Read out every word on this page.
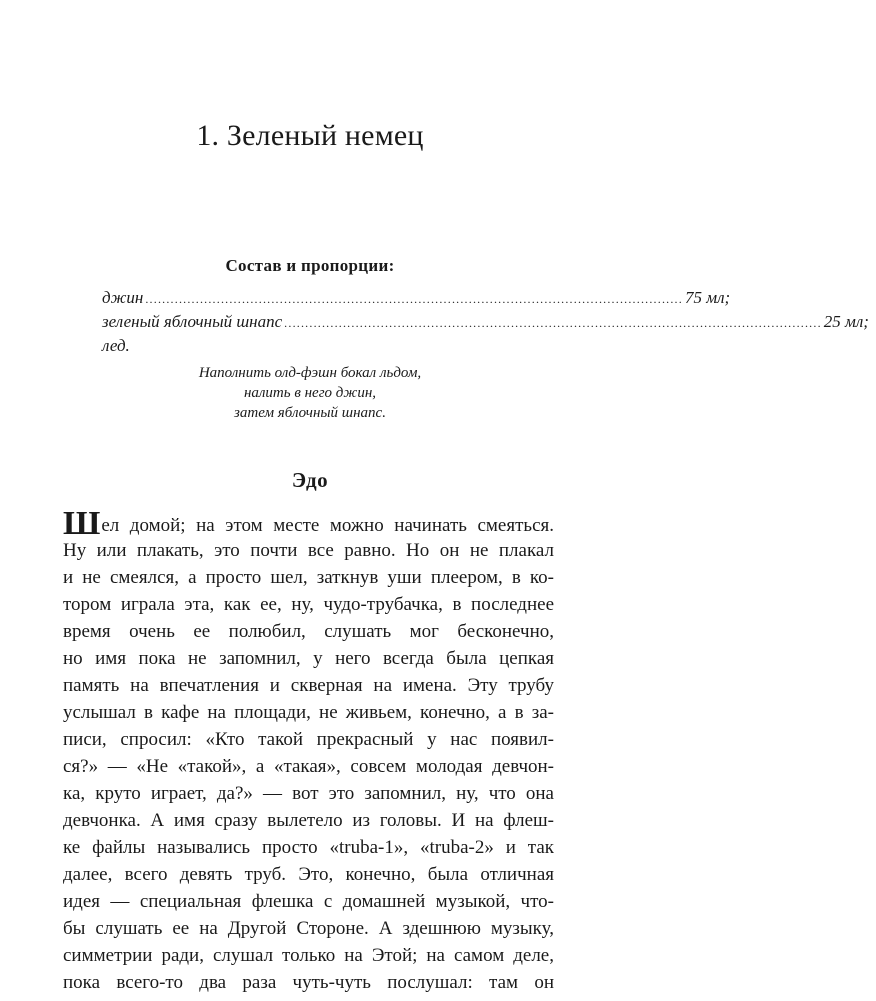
1. Зеленый немец
Состав и пропорции:
джин ................................................................................................................................ 75 мл;
зеленый яблочный шнапс ................................................................................................................................ 25 мл;
лед.
Наполнить олд-фэшн бокал льдом,
налить в него джин,
затем яблочный шнапс.
Эдо
Шел домой; на этом месте можно начинать смеяться.
Ну или плакать, это почти все равно. Но он не плакал
и не смеялся, а просто шел, заткнув уши плеером, в ко-
тором играла эта, как ее, ну, чудо-трубачка, в последнее
время очень ее полюбил, слушать мог бесконечно,
но имя пока не запомнил, у него всегда была цепкая
память на впечатления и скверная на имена. Эту трубу
услышал в кафе на площади, не живьем, конечно, а в за-
писи, спросил: «Кто такой прекрасный у нас появил-
ся?» — «Не «такой», а «такая», совсем молодая девчон-
ка, круто играет, да?» — вот это запомнил, ну, что она
девчонка. А имя сразу вылетело из головы. И на флеш-
ке файлы назывались просто «truba-1», «truba-2» и так
далее, всего девять труб. Это, конечно, была отличная
идея — специальная флешка с домашней музыкой, что-
бы слушать ее на Другой Стороне. А здешнюю музыку,
симметрии ради, слушал только на Этой; на самом деле,
пока всего-то два раза чуть-чуть послушал: там он
